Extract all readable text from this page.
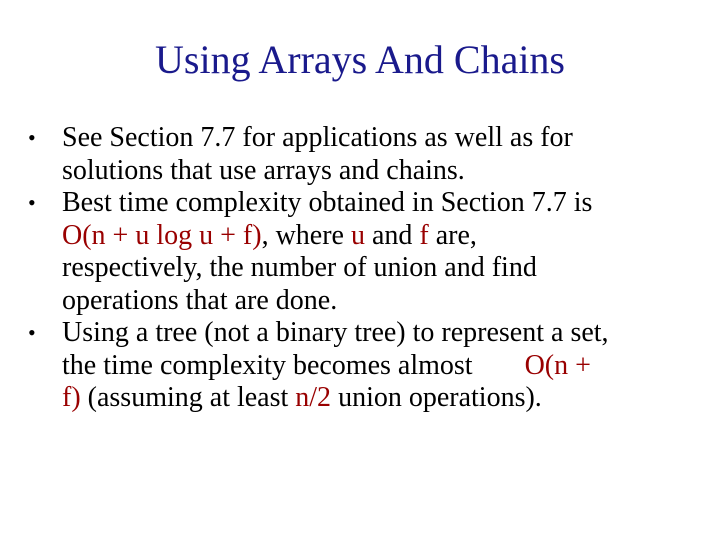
Using Arrays And Chains
• See Section 7.7 for applications as well as for
solutions that use arrays and chains.
• Best time complexity obtained in Section 7.7 is
O(n + u log u + f), where u and f are,
respectively, the number of union and find
operations that are done.
• Using a tree (not a binary tree) to represent a set,
the time complexity becomes almost O(n +
f) (assuming at least n/2 union operations).
